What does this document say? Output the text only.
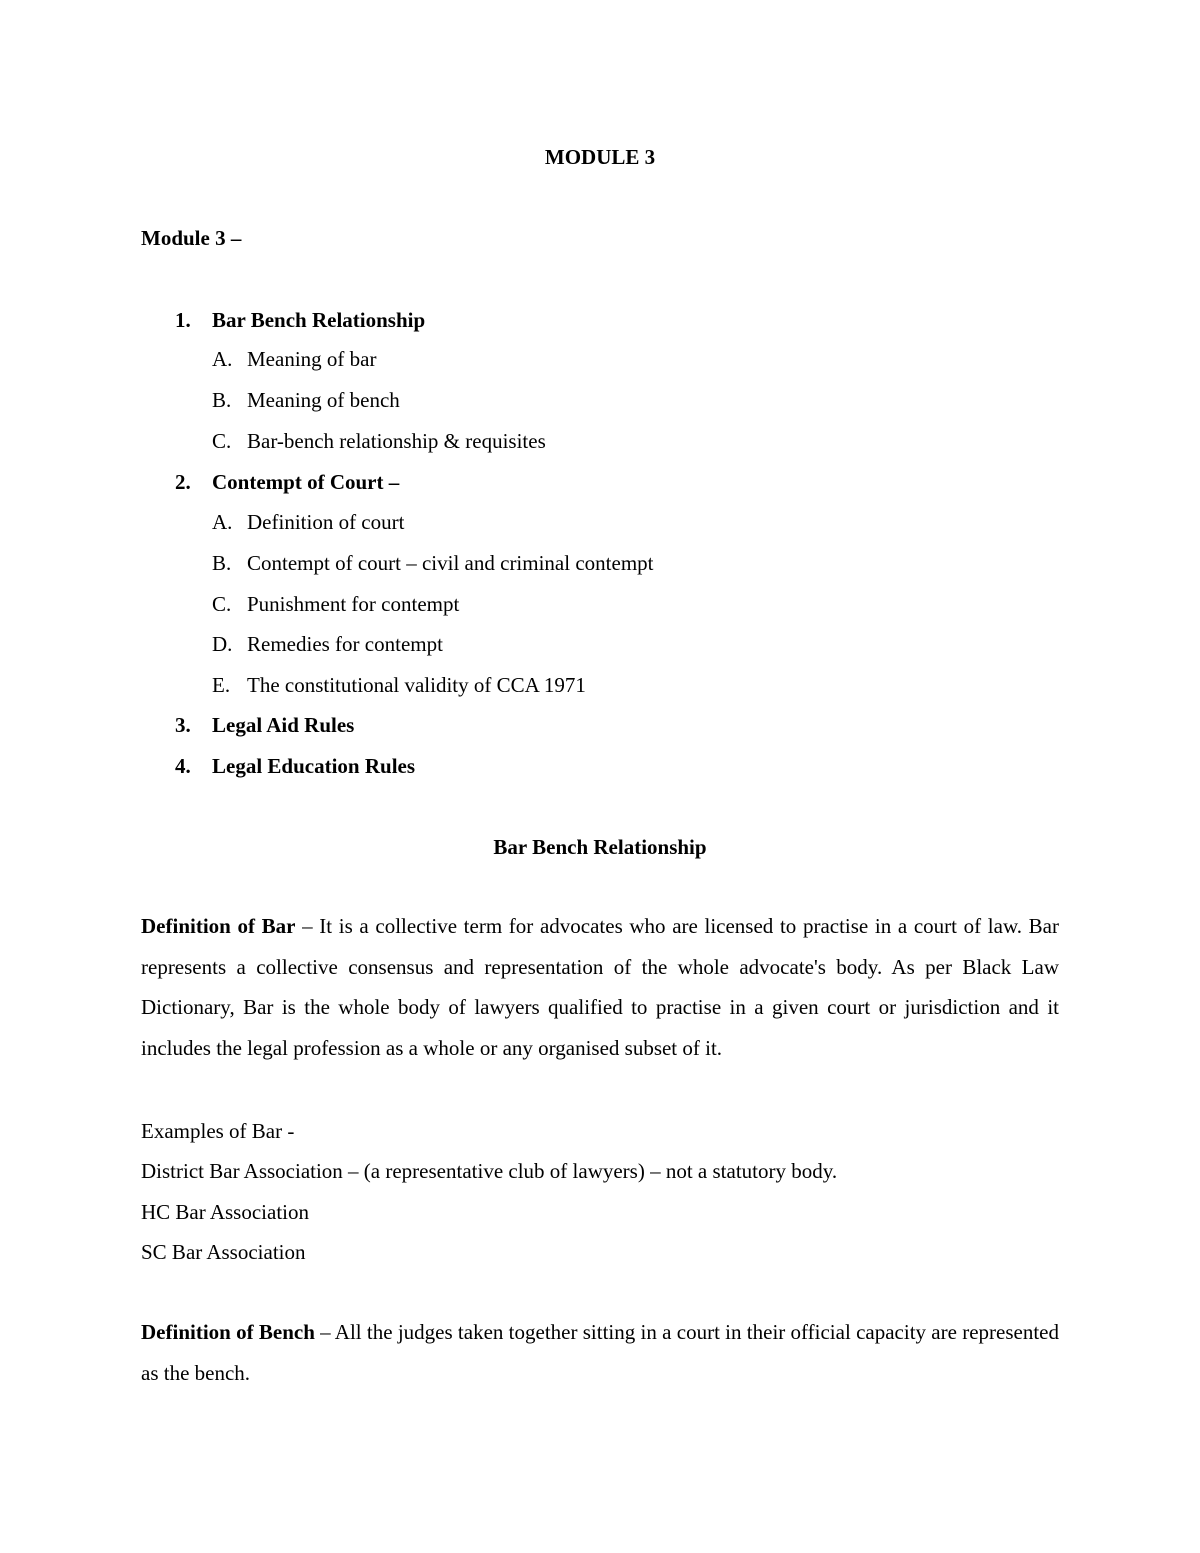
MODULE 3
Module 3 –
1. Bar Bench Relationship
A. Meaning of bar
B. Meaning of bench
C. Bar-bench relationship & requisites
2. Contempt of Court –
A. Definition of court
B. Contempt of court – civil and criminal contempt
C. Punishment for contempt
D. Remedies for contempt
E. The constitutional validity of CCA 1971
3. Legal Aid Rules
4. Legal Education Rules
Bar Bench Relationship
Definition of Bar – It is a collective term for advocates who are licensed to practise in a court of law. Bar represents a collective consensus and representation of the whole advocate's body. As per Black Law Dictionary, Bar is the whole body of lawyers qualified to practise in a given court or jurisdiction and it includes the legal profession as a whole or any organised subset of it.
Examples of Bar -
District Bar Association – (a representative club of lawyers) – not a statutory body.
HC Bar Association
SC Bar Association
Definition of Bench – All the judges taken together sitting in a court in their official capacity are represented as the bench.
